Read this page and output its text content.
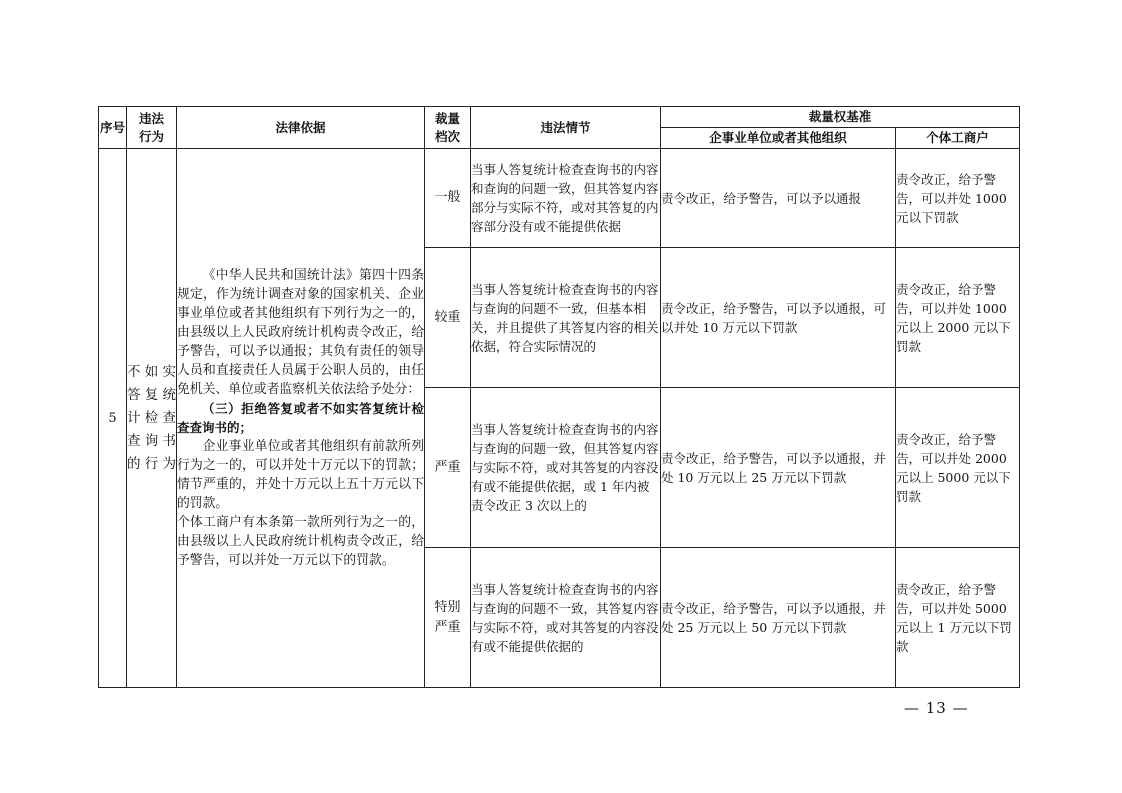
序号	违法行为	法律依据	裁量档次	违法情节	裁量权基准	
					企事业单位或者其他组织	个体工商户
5	不如实答复统计检查查询书的行为	《中华人民共和国统计法》第四十四条规定，作为统计调查对象的国家机关、企业事业单位或者其他组织有下列行为之一的，由县级以上人民政府统计机构责令改正，给予警告，可以予以通报；其负有责任的领导人员和直接责任人员属于公职人员的，由任免机关、单位或者监察机关依法给予处分：

（三）拒绝答复或者不如实答复统计检查查询书的；

企业事业单位或者其他组织有前款所列行为之一的，可以并处十万元以下的罚款；情节严重的，并处十万元以上五十万元以下的罚款。

个体工商户有本条第一款所列行为之一的，由县级以上人民政府统计机构责令改正，给予警告，可以并处一万元以下的罚款。	一般	当事人答复统计检查查询书的内容和查询的问题一致，但其答复内容部分与实际不符，或对其答复的内容部分没有或不能提供依据	责令改正，给予警告，可以予以通报	责令改正，给予警告，可以并处 1000 元以下罚款
			较重	当事人答复统计检查查询书的内容与查询的问题不一致，但基本相关，并且提供了其答复内容的相关依据，符合实际情况的	责令改正，给予警告，可以予以通报，可以并处 10 万元以下罚款	责令改正，给予警告，可以并处 1000 元以上 2000 元以下罚款
			严重	当事人答复统计检查查询书的内容与查询的问题一致，但其答复内容与实际不符，或对其答复的内容没有或不能提供依据，或 1 年内被责令改正 3 次以上的	责令改正，给予警告，可以予以通报，并处 10 万元以上 25 万元以下罚款	责令改正，给予警告，可以并处 2000 元以上 5000 元以下罚款
			特别严重	当事人答复统计检查查询书的内容与查询的问题不一致，其答复内容与实际不符，或对其答复的内容没有或不能提供依据的	责令改正，给予警告，可以予以通报，并处 25 万元以上 50 万元以下罚款	责令改正，给予警告，可以并处 5000 元以上 1 万元以下罚款
— 13 —
